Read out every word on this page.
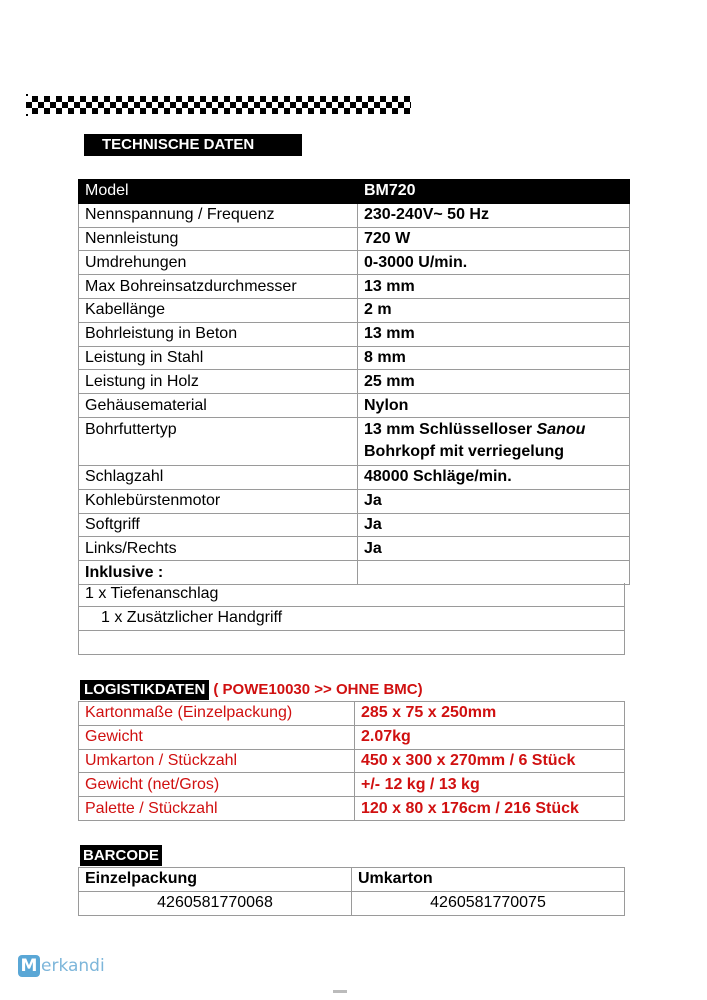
TECHNISCHE DATEN
Model	BM720
Nennspannung / Frequenz	230-240V~ 50 Hz
Nennleistung	720 W
Umdrehungen	0-3000 U/min.
Max Bohreinsatzdurchmesser	13 mm
Kabellänge	2 m
Bohrleistung in Beton	13 mm
Leistung in Stahl	8 mm
Leistung in Holz	25 mm
Gehäusematerial	Nylon
Bohrfuttertyp	13 mm Schlüsselloser Sanou
Bohrkopf mit verriegelung
Schlagzahl	48000 Schläge/min.
Kohlebürstenmotor	Ja
Softgriff	Ja
Links/Rechts	Ja
Inklusive :	
1 x Tiefenanschlag
1 x Zusätzlicher Handgriff
LOGISTIKDATEN ( POWE10030 >> OHNE BMC)
Kartonmaße (Einzelpackung)	285 x 75 x 250mm
Gewicht	2.07kg
Umkarton / Stückzahl	450 x 300 x 270mm / 6 Stück
Gewicht (net/Gros)	+/- 12 kg / 13 kg
Palette / Stückzahl	120 x 80 x 176cm / 216 Stück
BARCODE
Einzelpackung	Umkarton
4260581770068	4260581770075
M erkandi
